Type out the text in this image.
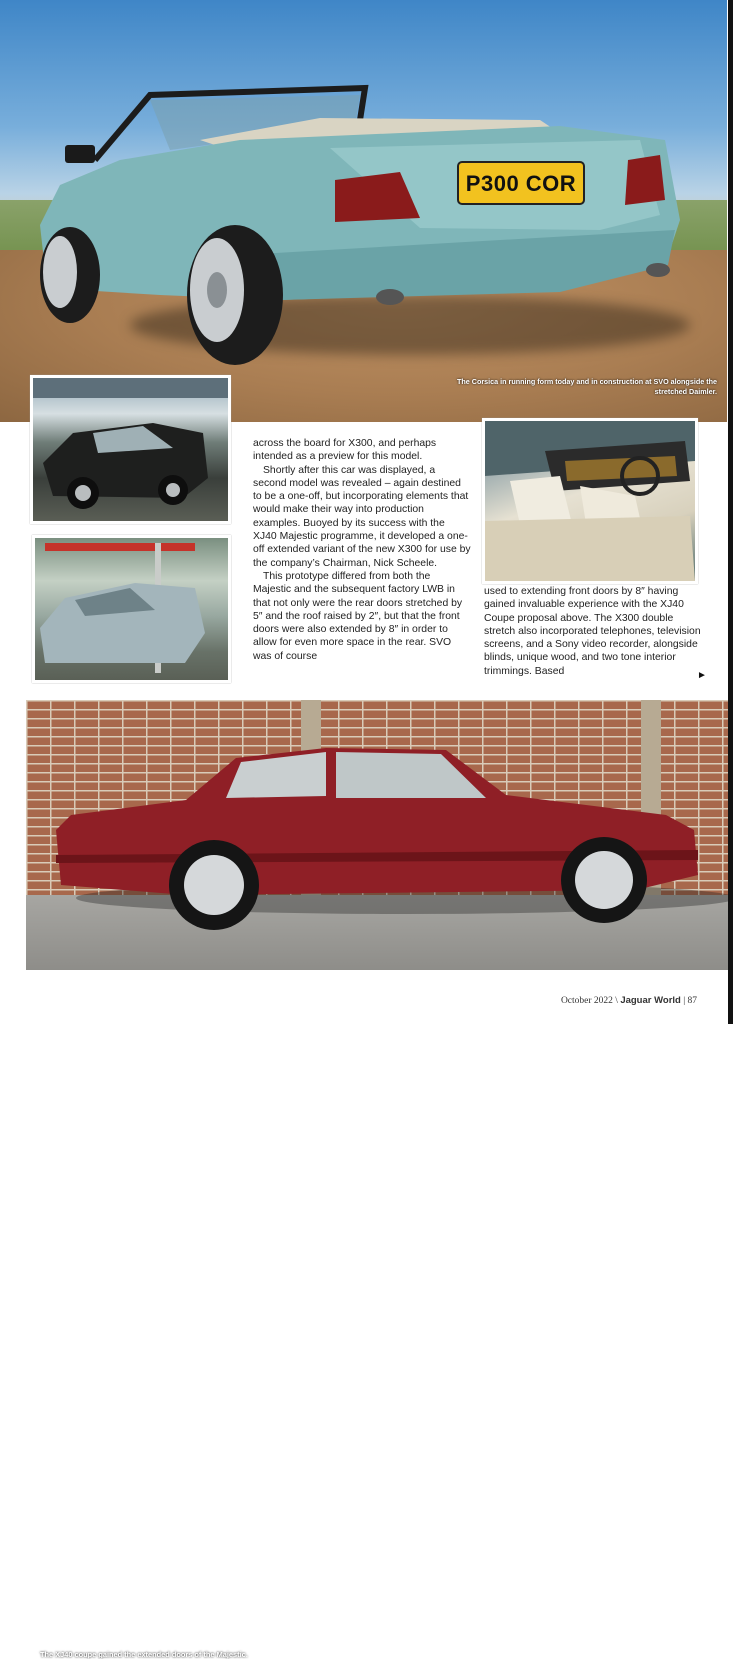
P300 COR
The Corsica in running form today and in construction at SVO alongside the stretched Daimler.

across the board for X300, and perhaps intended as a preview for this model.

Shortly after this car was displayed, a second model was revealed – again destined to be a one-off, but incorporating elements that would make their way into production examples. Buoyed by its success with the XJ40 Majestic programme, it developed a one-off extended variant of the new X300 for use by the company’s Chairman, Nick Scheele.

This prototype differed from both the Majestic and the subsequent factory LWB in that not only were the rear doors stretched by 5″ and the roof raised by 2″, but that the front doors were also extended by 8″ in order to allow for even more space in the rear. SVO was of course

used to extending front doors by 8″ having gained invaluable experience with the XJ40 Coupe proposal above. The X300 double stretch also incorporated telephones, television screens, and a Sony video recorder, alongside blinds, unique wood, and two tone interior trimmings. Based	►
The XJ40 coupe gained the extended doors of the Majestic.
October 2022 \ Jaguar World | 87
